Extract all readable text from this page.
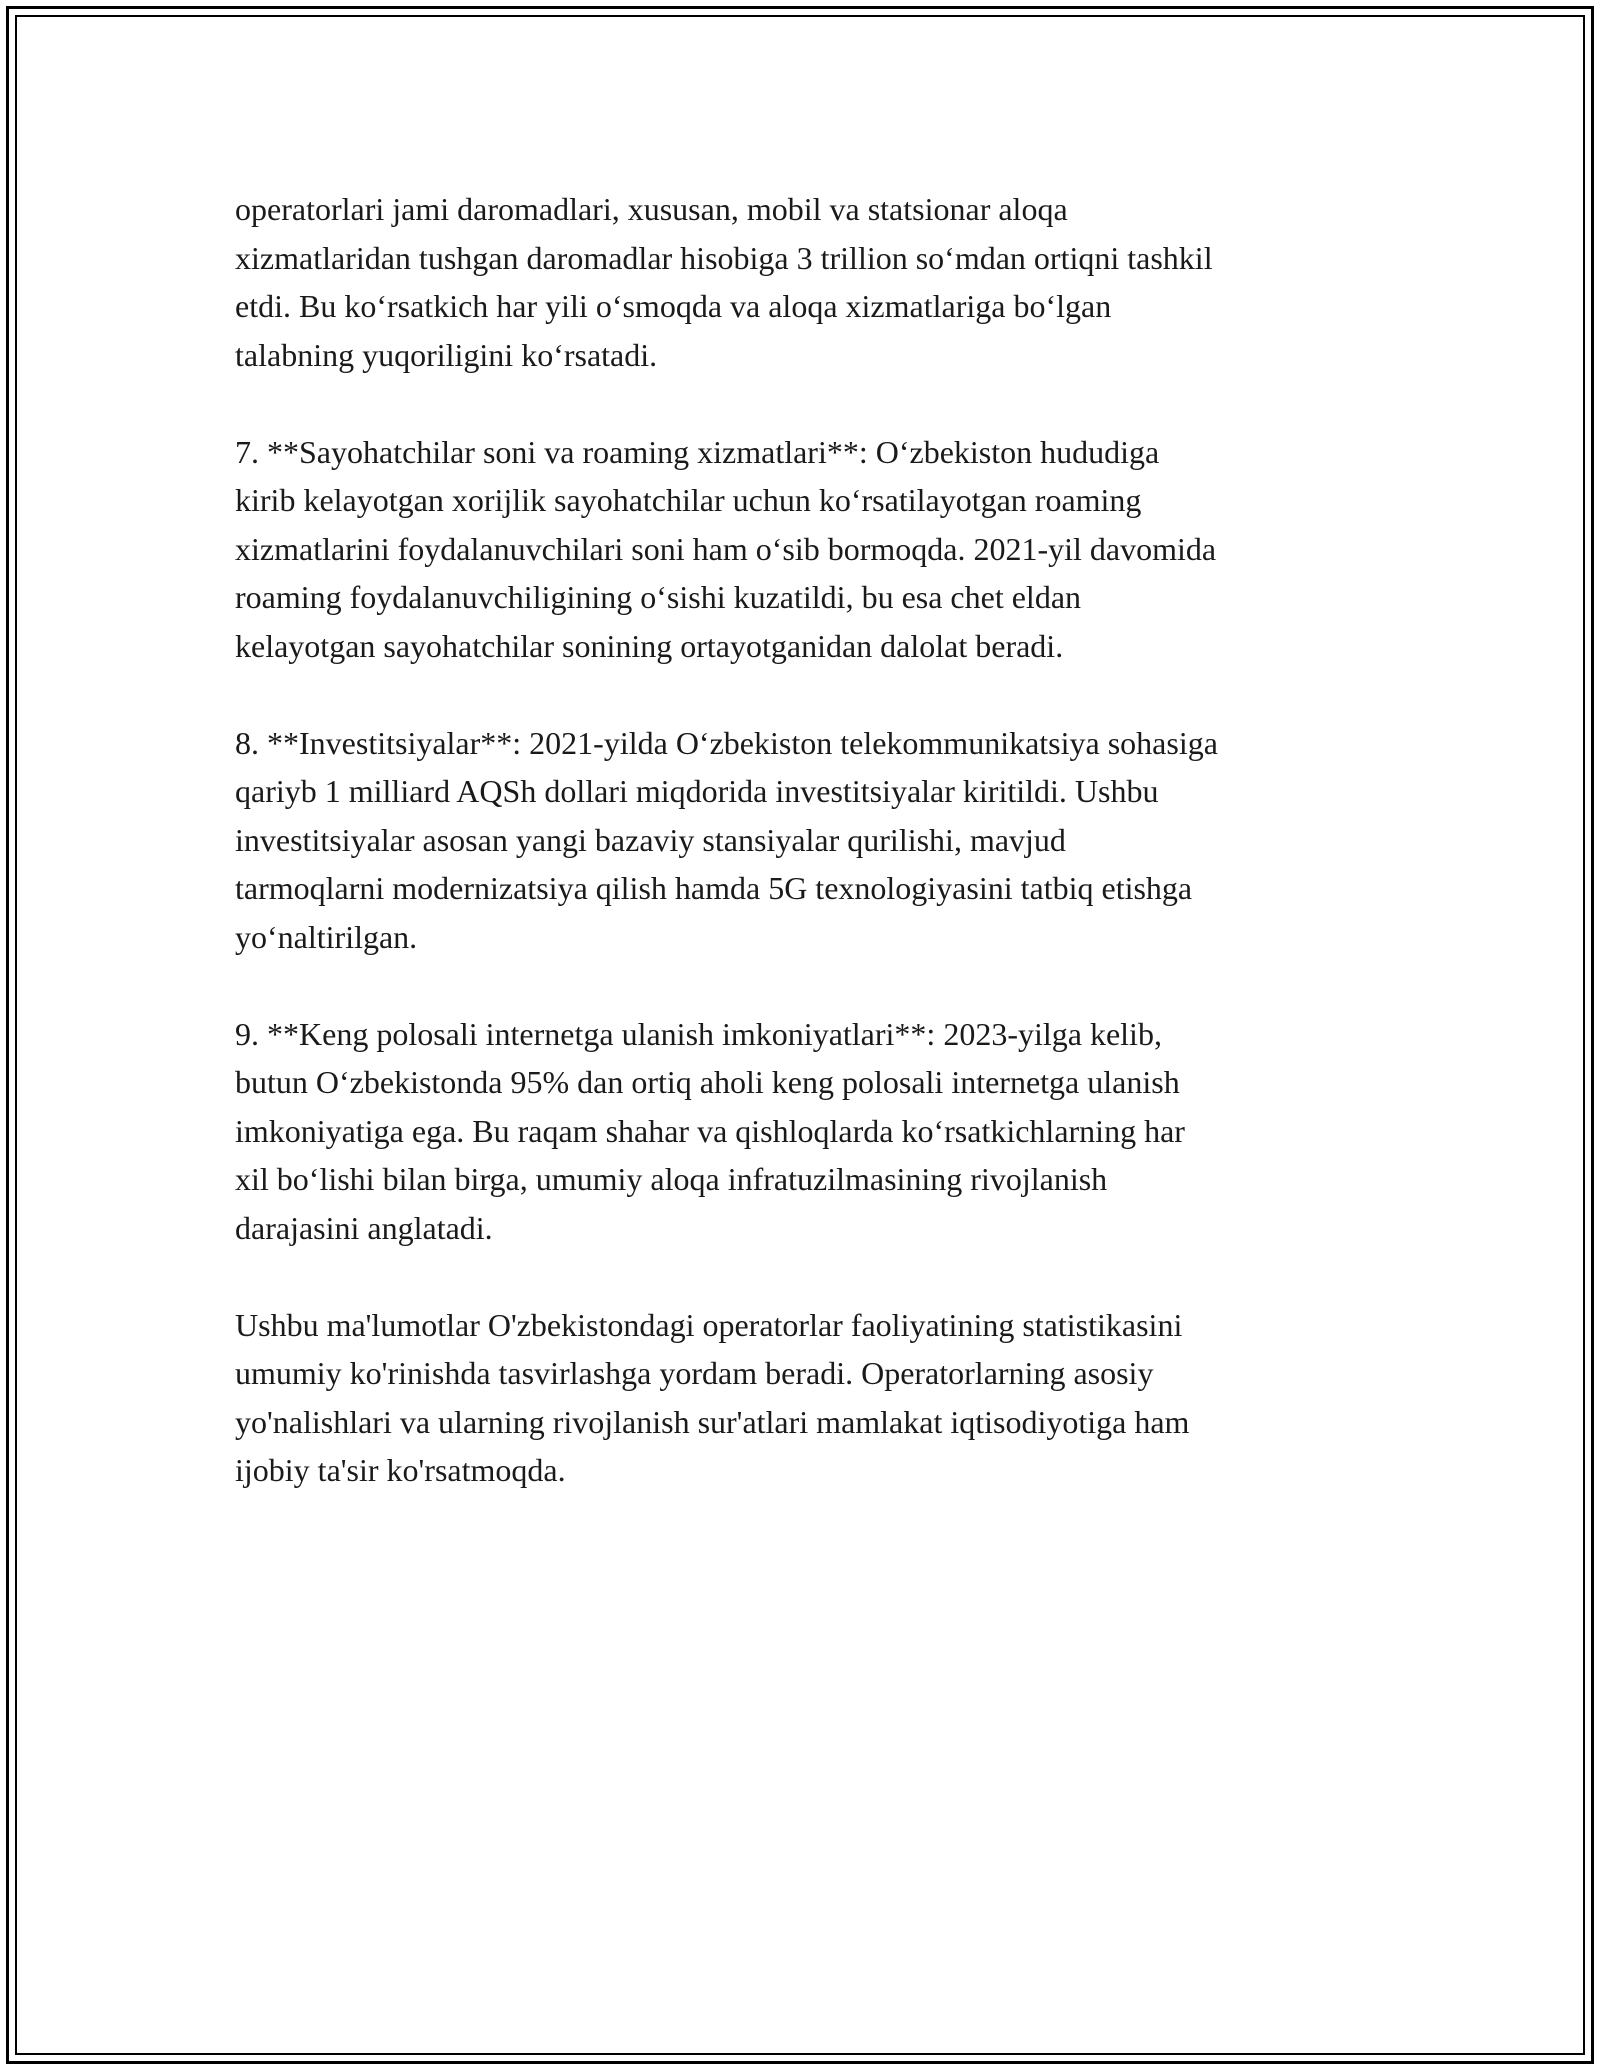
operatorlari jami daromadlari, xususan, mobil va statsionar aloqa
xizmatlaridan tushgan daromadlar hisobiga 3 trillion so‘mdan ortiqni tashkil
etdi. Bu ko‘rsatkich har yili o‘smoqda va aloqa xizmatlariga bo‘lgan
talabning yuqoriligini ko‘rsatadi.

7. **Sayohatchilar soni va roaming xizmatlari**: O‘zbekiston hududiga
kirib kelayotgan xorijlik sayohatchilar uchun ko‘rsatilayotgan roaming
xizmatlarini foydalanuvchilari soni ham o‘sib bormoqda. 2021-yil davomida
roaming foydalanuvchiligining o‘sishi kuzatildi, bu esa chet eldan
kelayotgan sayohatchilar sonining ortayotganidan dalolat beradi.

8. **Investitsiyalar**: 2021-yilda O‘zbekiston telekommunikatsiya sohasiga
qariyb 1 milliard AQSh dollari miqdorida investitsiyalar kiritildi. Ushbu
investitsiyalar asosan yangi bazaviy stansiyalar qurilishi, mavjud
tarmoqlarni modernizatsiya qilish hamda 5G texnologiyasini tatbiq etishga
yo‘naltirilgan.

9. **Keng polosali internetga ulanish imkoniyatlari**: 2023-yilga kelib,
butun O‘zbekistonda 95% dan ortiq aholi keng polosali internetga ulanish
imkoniyatiga ega. Bu raqam shahar va qishloqlarda ko‘rsatkichlarning har
xil bo‘lishi bilan birga, umumiy aloqa infratuzilmasining rivojlanish
darajasini anglatadi.

Ushbu ma'lumotlar O'zbekistondagi operatorlar faoliyatining statistikasini
umumiy ko'rinishda tasvirlashga yordam beradi. Operatorlarning asosiy
yo'nalishlari va ularning rivojlanish sur'atlari mamlakat iqtisodiyotiga ham
ijobiy ta'sir ko'rsatmoqda.
